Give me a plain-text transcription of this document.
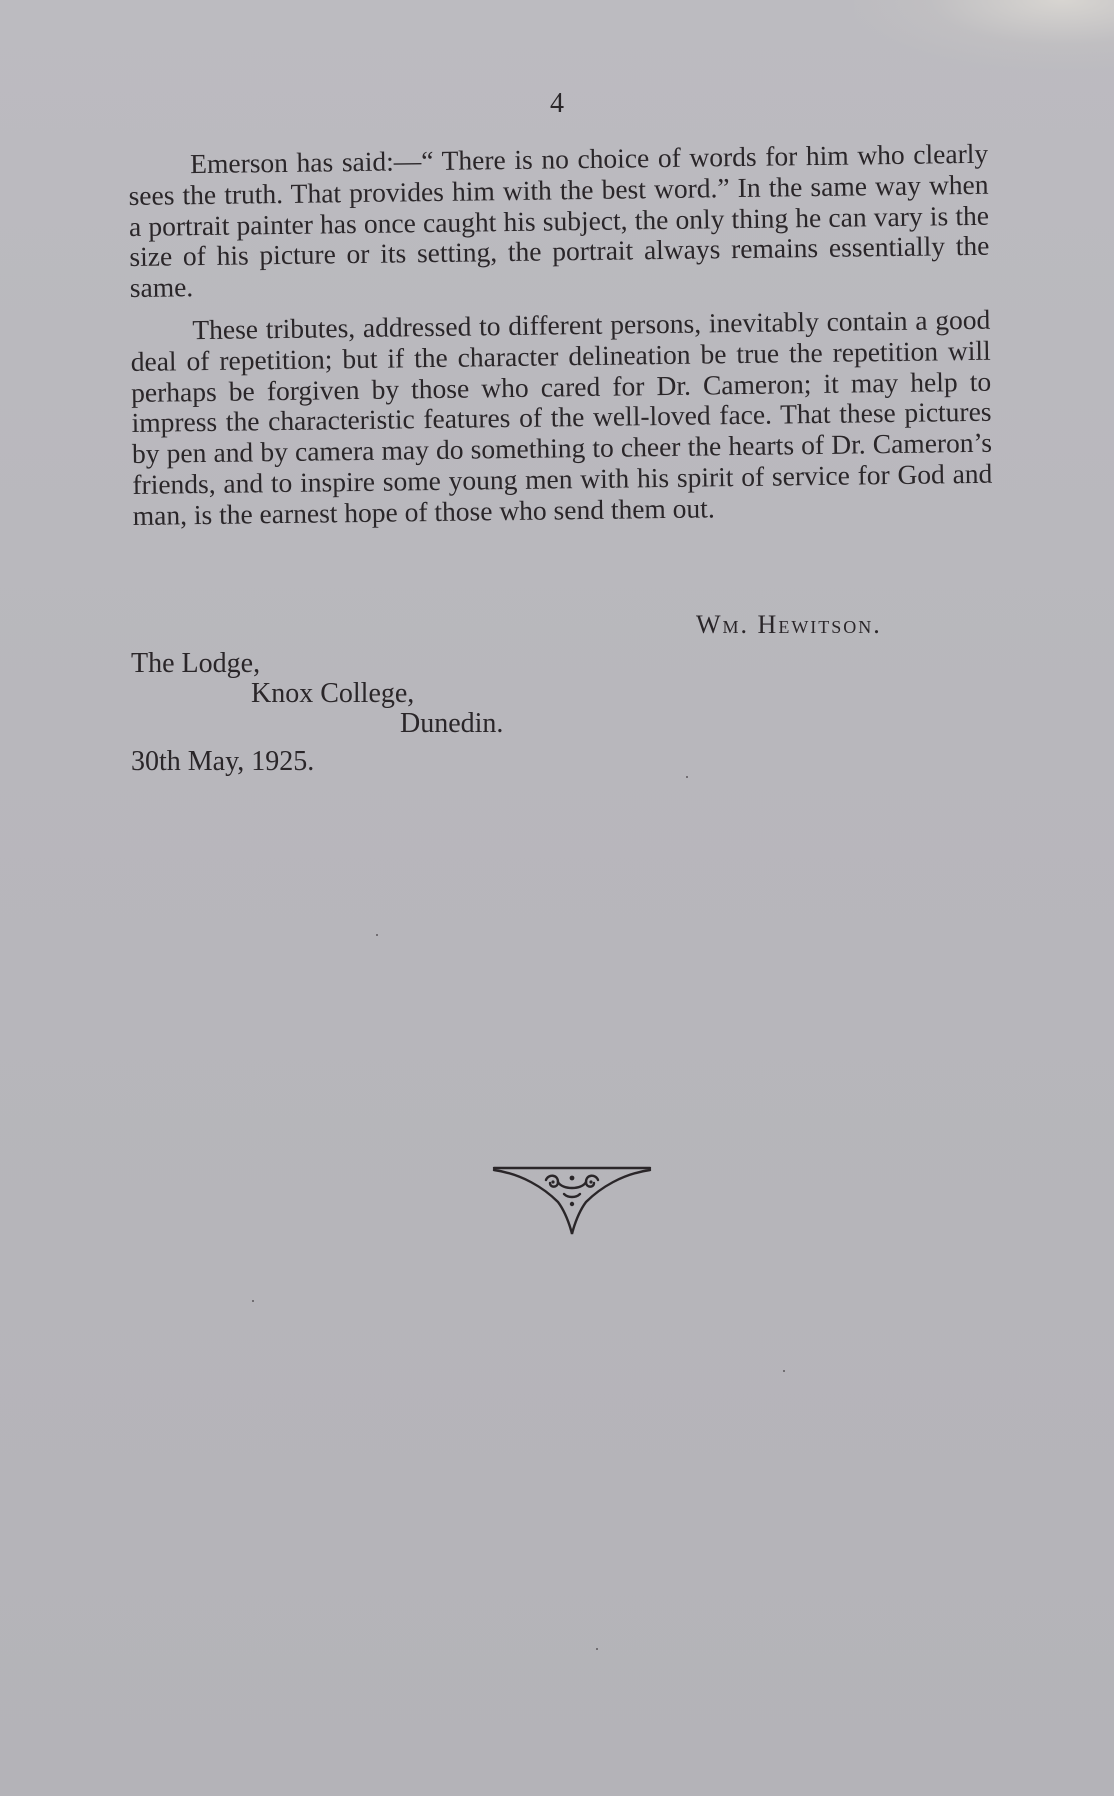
4

Emerson has said:—“ There is no choice of words for him who clearly sees the truth. That provides him with the best word.” In the same way when a portrait painter has once caught his subject, the only thing he can vary is the size of his picture or its setting, the portrait always remains essentially the same.

These tributes, addressed to different persons, inevitably contain a good deal of repetition; but if the character delineation be true the repetition will perhaps be forgiven by those who cared for Dr. Cameron; it may help to impress the characteristic features of the well-loved face. That these pictures by pen and by camera may do something to cheer the hearts of Dr. Cameron’s friends, and to inspire some young men with his spirit of service for God and man, is the earnest hope of those who send them out.

Wm. Hewitson.
The Lodge,
Knox College,
Dunedin.
30th May, 1925.
